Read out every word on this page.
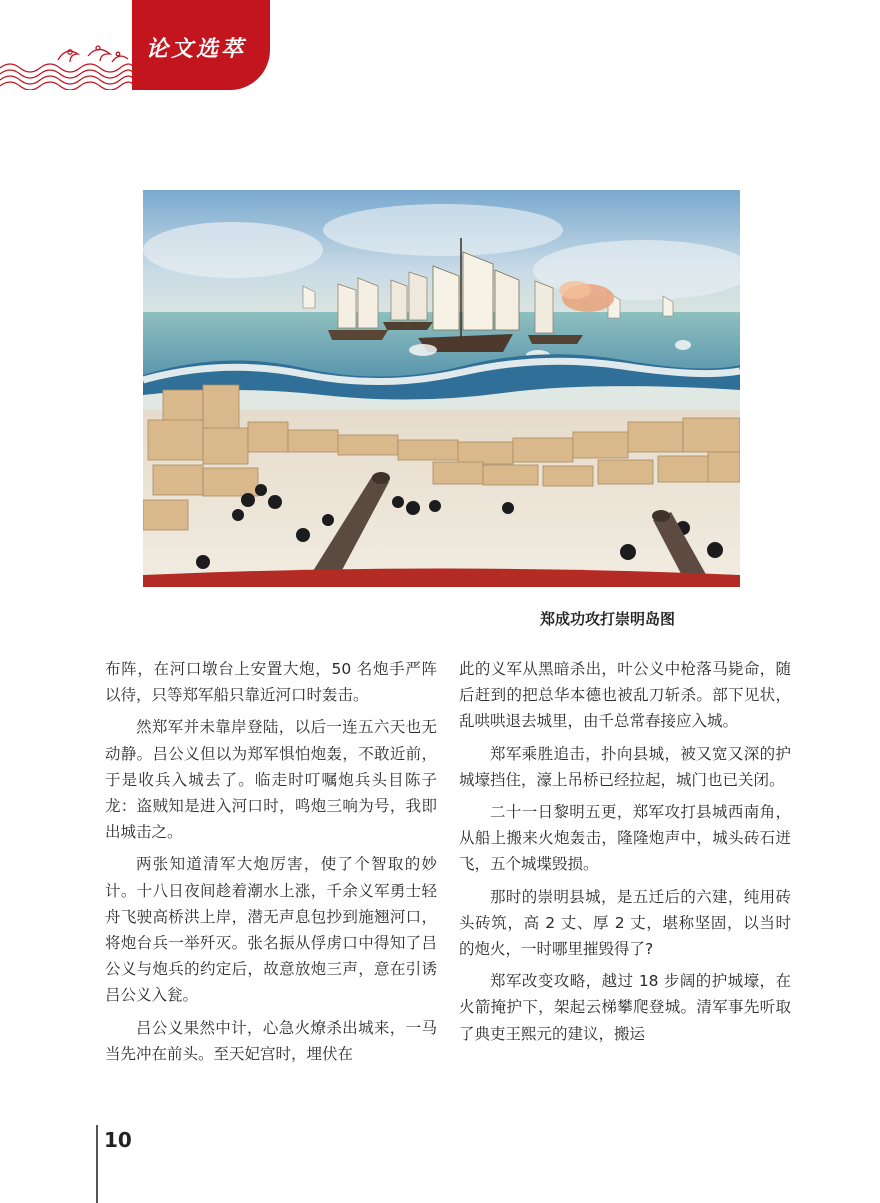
论文选萃
郑成功攻打崇明岛图

布阵，在河口墩台上安置大炮，50 名炮手严阵以待，只等郑军船只靠近河口时轰击。

然郑军并未靠岸登陆，以后一连五六天也无动静。吕公义但以为郑军惧怕炮轰，不敢近前，于是收兵入城去了。临走时叮嘱炮兵头目陈子龙：盗贼知是进入河口时，鸣炮三响为号，我即出城击之。

两张知道清军大炮厉害，使了个智取的妙计。十八日夜间趁着潮水上涨，千余义军勇士轻舟飞驶高桥洪上岸，潜无声息包抄到施翘河口，将炮台兵一举歼灭。张名振从俘虏口中得知了吕公义与炮兵的约定后，故意放炮三声，意在引诱吕公义入瓮。

吕公义果然中计，心急火燎杀出城来，一马当先冲在前头。至天妃宫时，埋伏在

此的义军从黑暗杀出，叶公义中枪落马毙命，随后赶到的把总华本德也被乱刀斩杀。部下见状，乱哄哄退去城里，由千总常春接应入城。

郑军乘胜追击，扑向县城，被又宽又深的护城壕挡住，濠上吊桥已经拉起，城门也已关闭。

二十一日黎明五更，郑军攻打县城西南角，从船上搬来火炮轰击，隆隆炮声中，城头砖石迸飞，五个城堞毁损。

那时的崇明县城，是五迁后的六建，纯用砖头砖筑，高 2 丈、厚 2 丈，堪称坚固，以当时的炮火，一时哪里摧毁得了?

郑军改变攻略，越过 18 步阔的护城壕，在火箭掩护下，架起云梯攀爬登城。清军事先听取了典吏王熙元的建议，搬运

10
